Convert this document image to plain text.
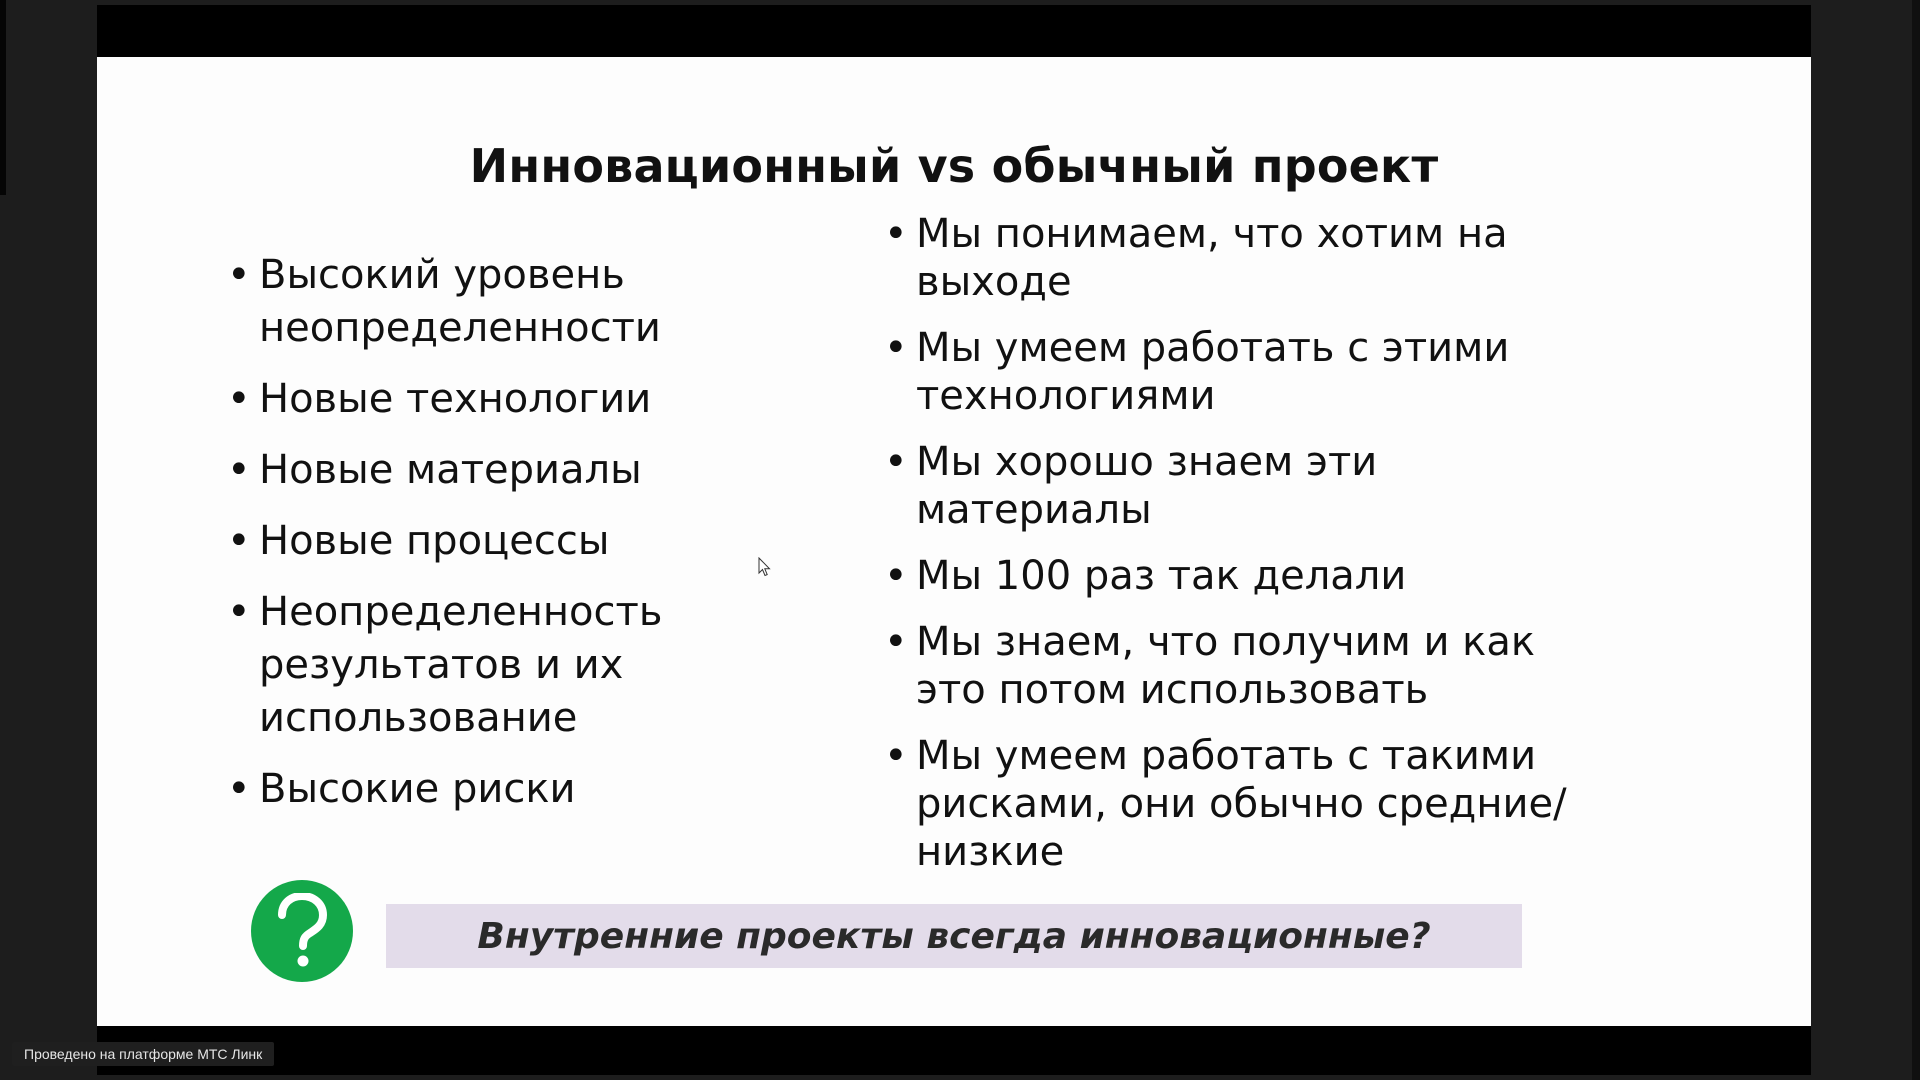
Инновационный vs обычный проект
• Высокий уровень неопределенности
• Новые технологии
• Новые материалы
• Новые процессы
• Неопределенность результатов и их использование
• Высокие риски
• Мы понимаем, что хотим на выходе
• Мы умеем работать с этими технологиями
• Мы хорошо знаем эти материалы
• Мы 100 раз так делали
• Мы знаем, что получим и как это потом использовать
• Мы умеем работать с такими рисками, они обычно средние/низкие
Внутренние проекты всегда инновационные?
Проведено на платформе МТС Линк
